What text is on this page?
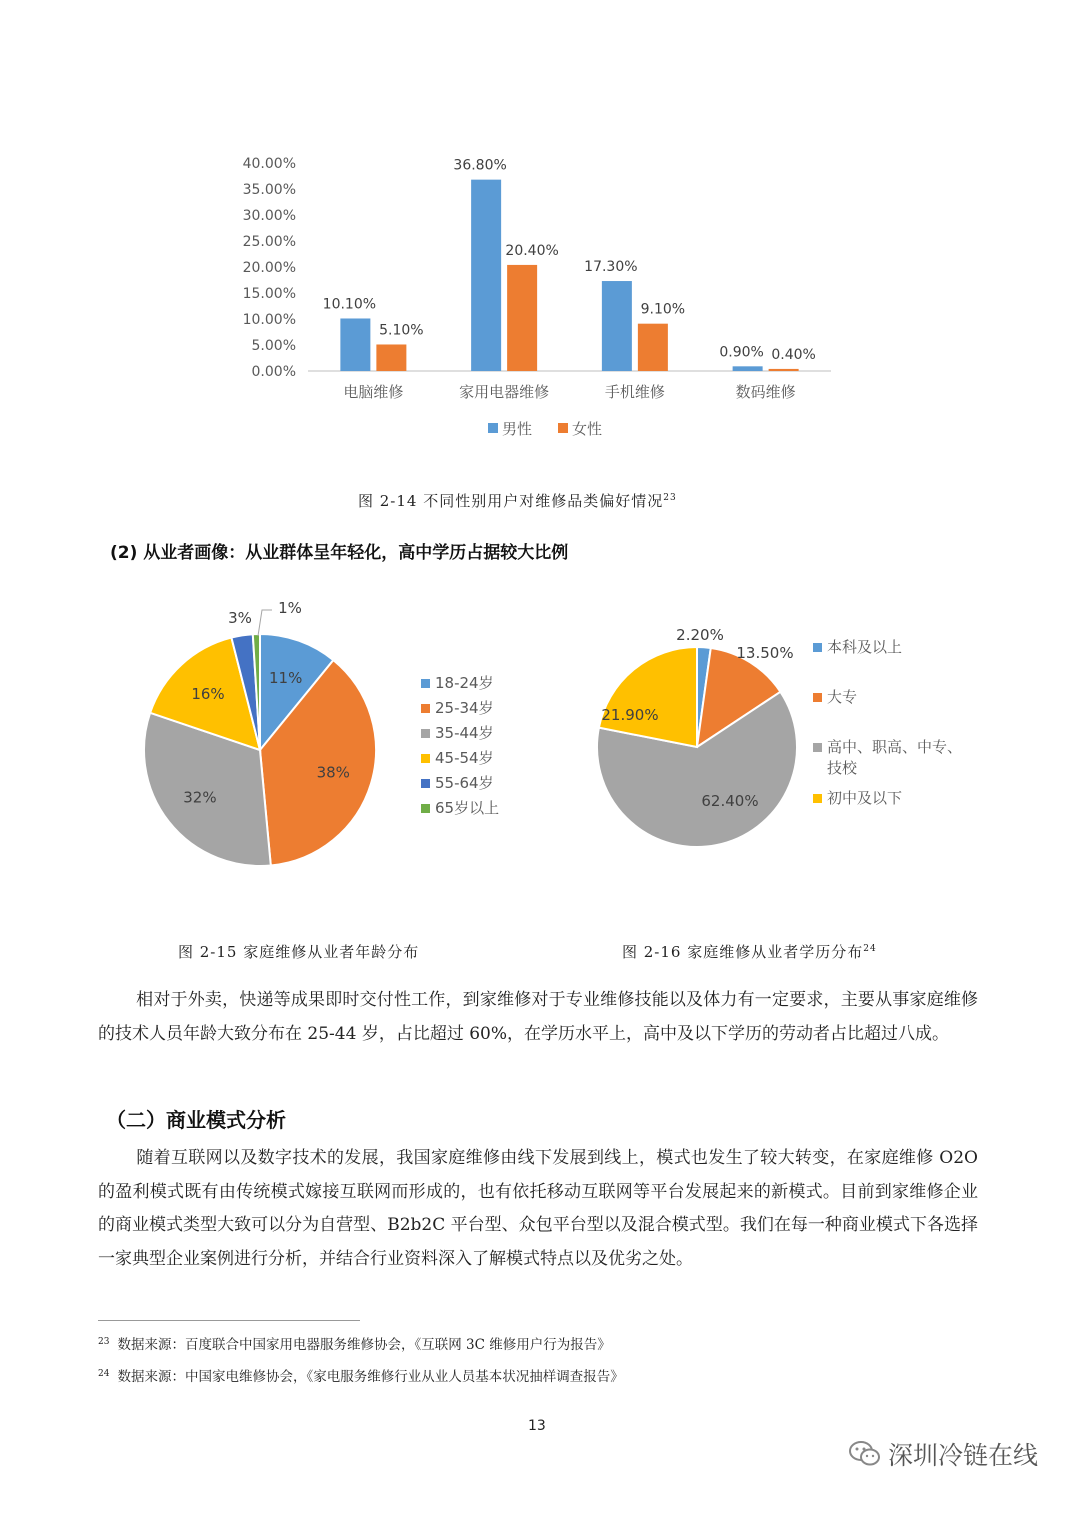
0.00%
5.00%
10.00%
15.00%
20.00%
25.00%
30.00%
35.00%
40.00%
电脑维修
10.10%
5.10%
家用电器维修
36.80%
20.40%
手机维修
17.30%
9.10%
数码维修
0.90% 0.40%
男性	女性
图 2-14 不同性别用户对维修品类偏好情况$^{23}$
(2) 从业者画像：从业群体呈年轻化，高中学历占据较大比例
11%
38%
32%
16%
3%
1%
18-24岁
25-34岁
35-44岁
45-54岁
55-64岁
65岁以上
2.20%
13.50%
62.40%
21.90%
本科及以上
大专
高中、职高、中专、
技校
初中及以下
图 2-15 家庭维修从业者年龄分布	图 2-16 家庭维修从业者学历分布$^{24}$

相对于外卖，快递等成果即时交付性工作，到家维修对于专业维修技能以及体力有一定要求，主要从事家庭维修的技术人员年龄大致分布在 25-44 岁，占比超过 60%，在学历水平上，高中及以下学历的劳动者占比超过八成。

（二）商业模式分析

随着互联网以及数字技术的发展，我国家庭维修由线下发展到线上，模式也发生了较大转变，在家庭维修 O2O 的盈利模式既有由传统模式嫁接互联网而形成的，也有依托移动互联网等平台发展起来的新模式。目前到家维修企业的商业模式类型大致可以分为自营型、B2b2C 平台型、众包平台型以及混合模式型。我们在每一种商业模式下各选择一家典型企业案例进行分析，并结合行业资料深入了解模式特点以及优劣之处。

$^{23}$ 数据来源：百度联合中国家用电器服务维修协会，《互联网 3C 维修用户行为报告》
$^{24}$ 数据来源：中国家电维修协会，《家电服务维修行业从业人员基本状况抽样调查报告》
13
深圳冷链在线
